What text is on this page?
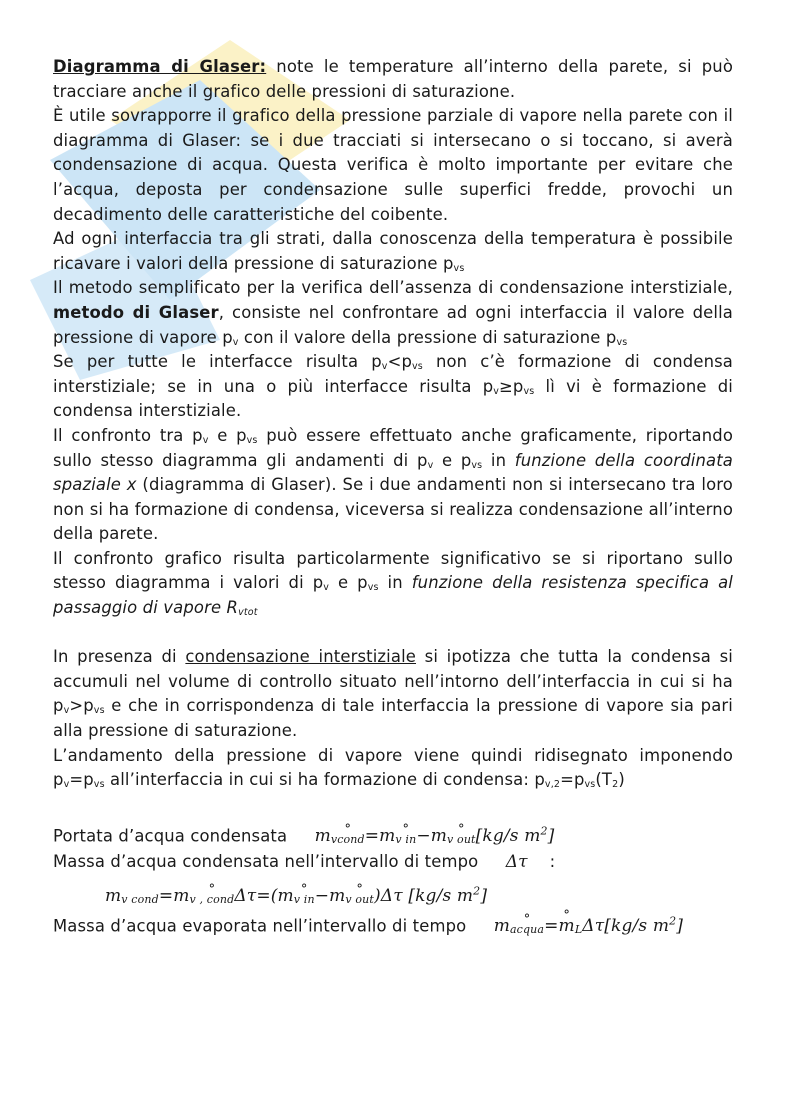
Diagramma di Glaser: note le temperature all’interno della parete, si può tracciare anche il grafico delle pressioni di saturazione.

È utile sovrapporre il grafico della pressione parziale di vapore nella parete con il diagramma di Glaser: se i due tracciati si intersecano o si toccano, si averà condensazione di acqua. Questa verifica è molto importante per evitare che l’acqua, deposta per condensazione sulle superfici fredde, provochi un decadimento delle caratteristiche del coibente.

Ad ogni interfaccia tra gli strati, dalla conoscenza della temperatura è possibile ricavare i valori della pressione di saturazione $p_{vs}$

Il metodo semplificato per la verifica dell’assenza di condensazione interstiziale, metodo di Glaser, consiste nel confrontare ad ogni interfaccia il valore della pressione di vapore $p_v$ con il valore della pressione di saturazione $p_{vs}$

Se per tutte le interfacce risulta $p_v<p_{vs}$ non c’è formazione di condensa interstiziale; se in una o più interfacce risulta $p_v\ge p_{vs}$ lì vi è formazione di condensa interstiziale.

Il confronto tra $p_v$ e $p_{vs}$ può essere effettuato anche graficamente, riportando sullo stesso diagramma gli andamenti di $p_v$ e $p_{vs}$ in funzione della coordinata spaziale x (diagramma di Glaser). Se i due andamenti non si intersecano tra loro non si ha formazione di condensa, viceversa si realizza condensazione all’interno della parete.

Il confronto grafico risulta particolarmente significativo se si riportano sullo stesso diagramma i valori di $p_v$ e $p_{vs}$ in funzione della resistenza specifica al passaggio di vapore $R_{vtot}$

In presenza di condensazione interstiziale si ipotizza che tutta la condensa si accumuli nel volume di controllo situato nell’intorno dell’interfaccia in cui si ha $p_v>p_{vs}$ e che in corrispondenza di tale interfaccia la pressione di vapore sia pari alla pressione di saturazione.

L’andamento della pressione di vapore viene quindi ridisegnato imponendo $p_v=p_{vs}$ all’interfaccia in cui si ha formazione di condensa: $p_{v,2}=p_{vs}(T_2)$

Portata d’acqua condensata $m_{vcond}=m_{v in}-m_{v out}[kg/s$ $m^2$]
Massa d’acqua condensata nell’intervallo di tempo Δτ :
$m_{v cond}=m_{v , cond}\Delta\tau=(m_{v in}-m_{v out})\Delta\tau$ [kg/s $m^2$]
Massa d’acqua evaporata nell’intervallo di tempo $m_{acqua}=^\circ$ $m_L\Delta\tau[kg/s$ $m^2$]
